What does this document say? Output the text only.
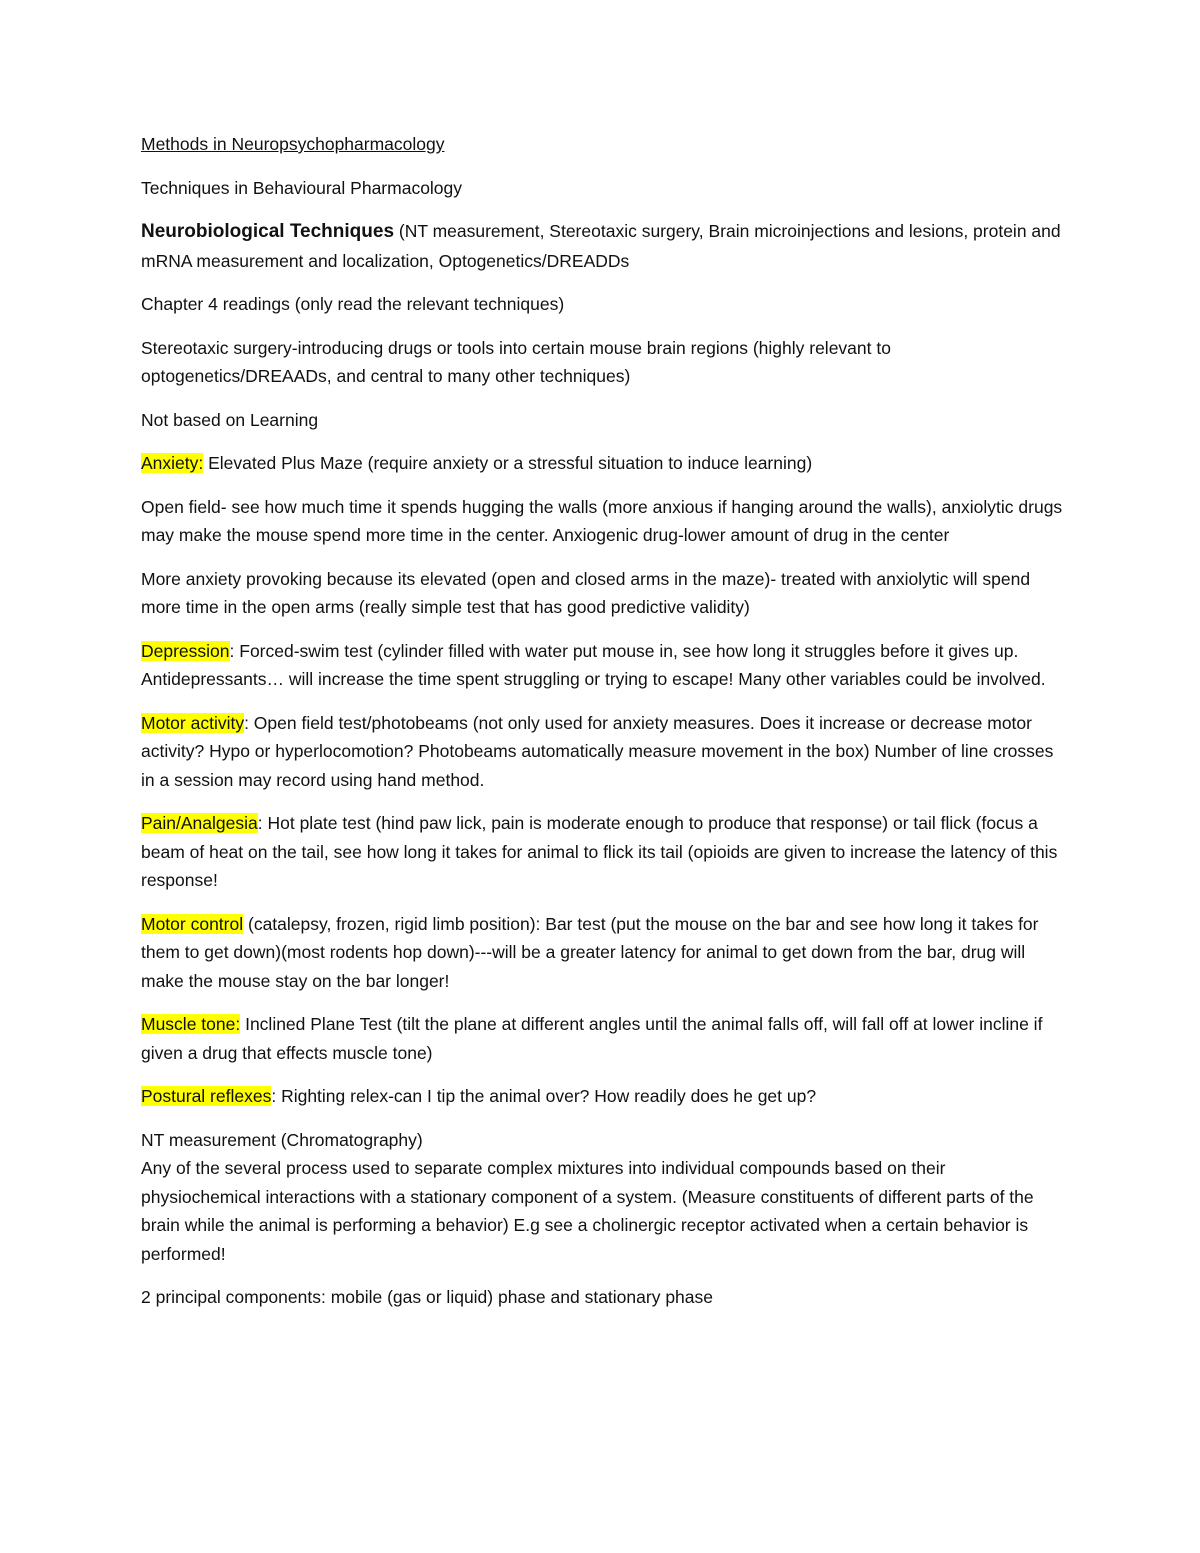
Methods in Neuropsychopharmacology

Techniques in Behavioural Pharmacology

Neurobiological Techniques (NT measurement, Stereotaxic surgery, Brain microinjections and lesions, protein and mRNA measurement and localization, Optogenetics/DREADDs

Chapter 4 readings (only read the relevant techniques)

Stereotaxic surgery-introducing drugs or tools into certain mouse brain regions (highly relevant to optogenetics/DREAADs, and central to many other techniques)

Not based on Learning

Anxiety: Elevated Plus Maze (require anxiety or a stressful situation to induce learning)

Open field- see how much time it spends hugging the walls (more anxious if hanging around the walls), anxiolytic drugs may make the mouse spend more time in the center. Anxiogenic drug-lower amount of drug in the center

More anxiety provoking because its elevated (open and closed arms in the maze)- treated with anxiolytic will spend more time in the open arms (really simple test that has good predictive validity)

Depression: Forced-swim test (cylinder filled with water put mouse in, see how long it struggles before it gives up. Antidepressants… will increase the time spent struggling or trying to escape! Many other variables could be involved.

Motor activity: Open field test/photobeams (not only used for anxiety measures. Does it increase or decrease motor activity? Hypo or hyperlocomotion? Photobeams automatically measure movement in the box) Number of line crosses in a session may record using hand method.

Pain/Analgesia: Hot plate test (hind paw lick, pain is moderate enough to produce that response) or tail flick (focus a beam of heat on the tail, see how long it takes for animal to flick its tail (opioids are given to increase the latency of this response!

Motor control (catalepsy, frozen, rigid limb position): Bar test (put the mouse on the bar and see how long it takes for them to get down)(most rodents hop down)---will be a greater latency for animal to get down from the bar, drug will make the mouse stay on the bar longer!

Muscle tone: Inclined Plane Test (tilt the plane at different angles until the animal falls off, will fall off at lower incline if given a drug that effects muscle tone)

Postural reflexes: Righting relex-can I tip the animal over? How readily does he get up?

NT measurement (Chromatography)

Any of the several process used to separate complex mixtures into individual compounds based on their physiochemical interactions with a stationary component of a system. (Measure constituents of different parts of the brain while the animal is performing a behavior) E.g see a cholinergic receptor activated when a certain behavior is performed!

2 principal components: mobile (gas or liquid) phase and stationary phase
